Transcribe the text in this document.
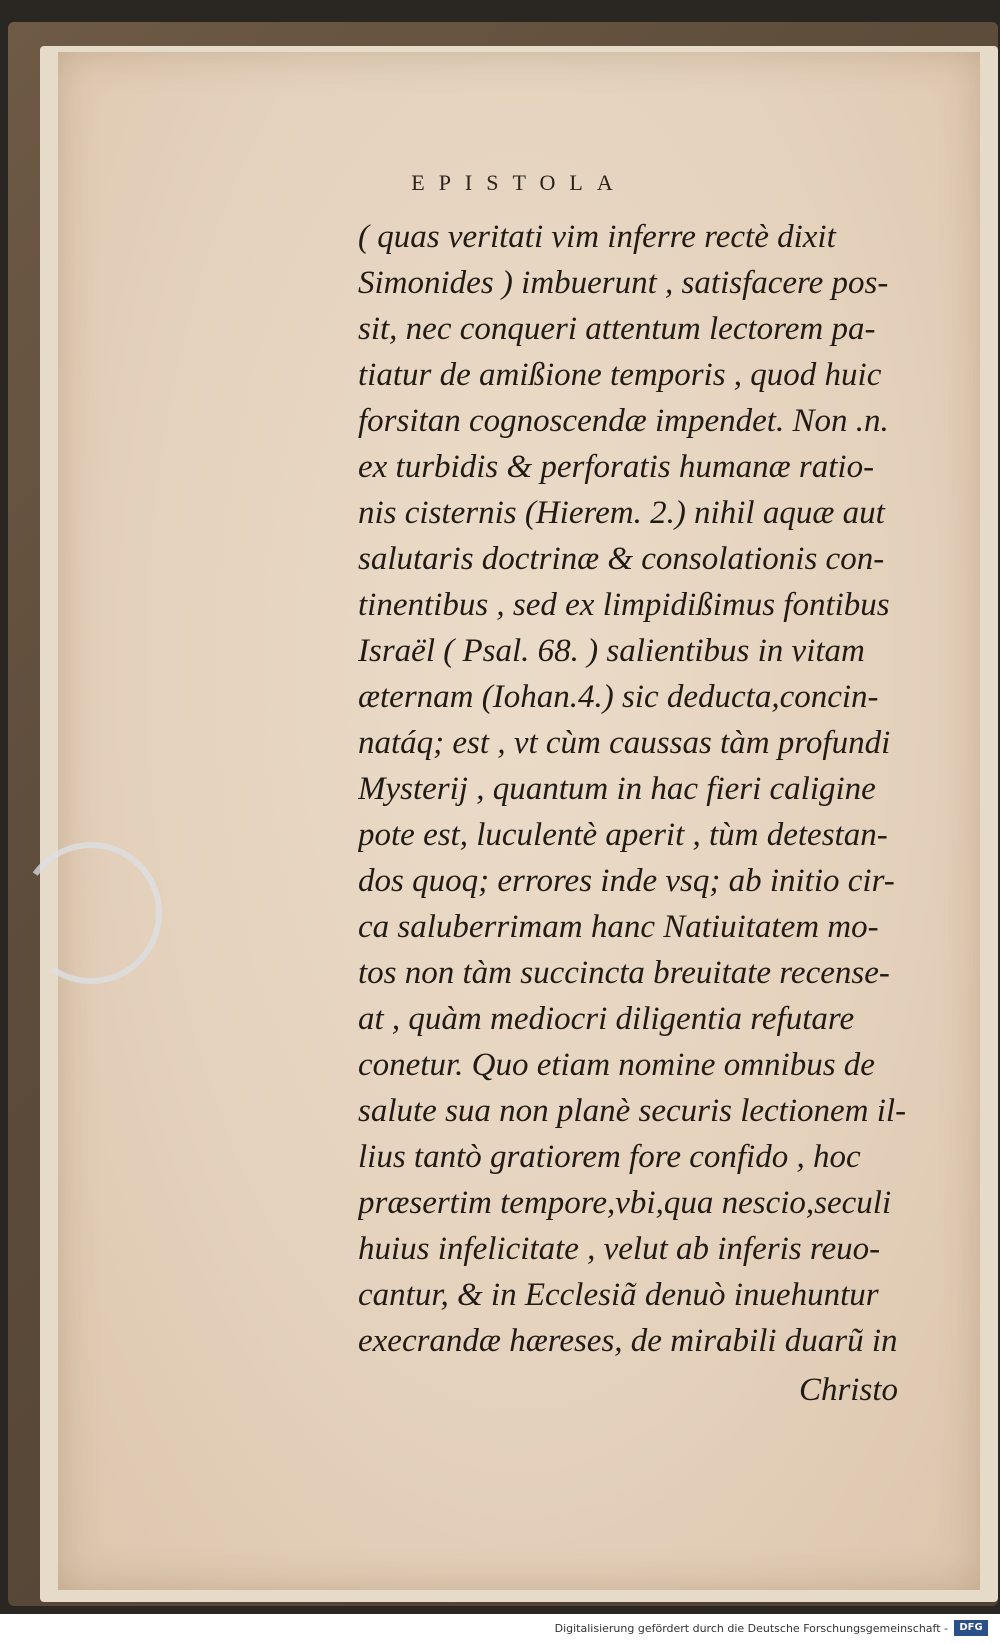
EPISTOLA
( quas veritati vim inferre rectè dixit
Simonides ) imbuerunt , satisfacere pos-
sit, nec conqueri attentum lectorem pa-
tiatur de amißione temporis , quod huic
forsitan cognoscendæ impendet. Non .n.
ex turbidis & perforatis humanæ ratio-
nis cisternis (Hierem. 2.) nihil aquæ aut
salutaris doctrinæ & consolationis con-
tinentibus , sed ex limpidißimus fontibus
Israël ( Psal. 68. ) salientibus in vitam
æternam (Iohan.4.) sic deducta,concin-
natáq; est , vt cùm caussas tàm profundi
Mysterij , quantum in hac fieri caligine
pote est, luculentè aperit , tùm detestan-
dos quoq; errores inde vsq; ab initio cir-
ca saluberrimam hanc Natiuitatem mo-
tos non tàm succincta breuitate recense-
at , quàm mediocri diligentia refutare
conetur. Quo etiam nomine omnibus de
salute sua non planè securis lectionem il-
lius tantò gratiorem fore confido , hoc
præsertim tempore,vbi,qua nescio,seculi
huius infelicitate , velut ab inferis reuo-
cantur, & in Ecclesiã denuò inuehuntur
execrandæ hæreses, de mirabili duarũ in
Christo
Digitalisierung gefördert durch die Deutsche Forschungsgemeinschaft -	DFG
